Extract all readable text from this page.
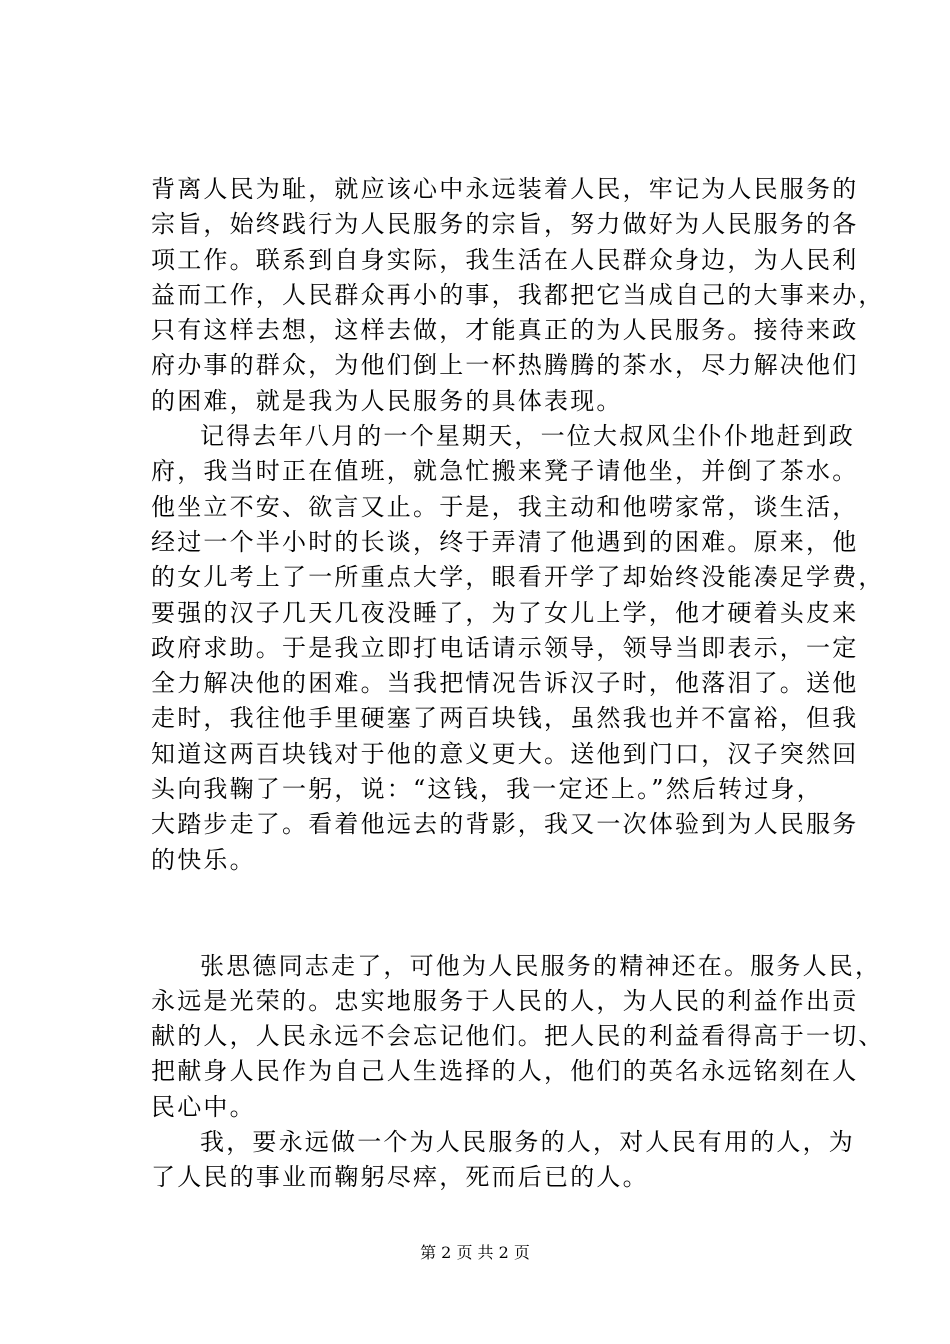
背离人民为耻，就应该心中永远装着人民，牢记为人民服务的
宗旨，始终践行为人民服务的宗旨，努力做好为人民服务的各
项工作。联系到自身实际，我生活在人民群众身边，为人民利
益而工作，人民群众再小的事，我都把它当成自己的大事来办，
只有这样去想，这样去做，才能真正的为人民服务。接待来政
府办事的群众，为他们倒上一杯热腾腾的茶水，尽力解决他们
的困难，就是我为人民服务的具体表现。
记得去年八月的一个星期天，一位大叔风尘仆仆地赶到政
府，我当时正在值班，就急忙搬来凳子请他坐，并倒了茶水。
他坐立不安、欲言又止。于是，我主动和他唠家常，谈生活，
经过一个半小时的长谈，终于弄清了他遇到的困难。原来，他
的女儿考上了一所重点大学，眼看开学了却始终没能凑足学费，
要强的汉子几天几夜没睡了，为了女儿上学，他才硬着头皮来
政府求助。于是我立即打电话请示领导，领导当即表示，一定
全力解决他的困难。当我把情况告诉汉子时，他落泪了。送他
走时，我往他手里硬塞了两百块钱，虽然我也并不富裕，但我
知道这两百块钱对于他的意义更大。送他到门口，汉子突然回
头向我鞠了一躬，说：“这钱，我一定还上。”然后转过身，
大踏步走了。看着他远去的背影，我又一次体验到为人民服务
的快乐。
张思德同志走了，可他为人民服务的精神还在。服务人民，
永远是光荣的。忠实地服务于人民的人，为人民的利益作出贡
献的人，人民永远不会忘记他们。把人民的利益看得高于一切、
把献身人民作为自己人生选择的人，他们的英名永远铭刻在人
民心中。
我，要永远做一个为人民服务的人，对人民有用的人，为
了人民的事业而鞠躬尽瘁，死而后已的人。
第 2 页 共 2 页
